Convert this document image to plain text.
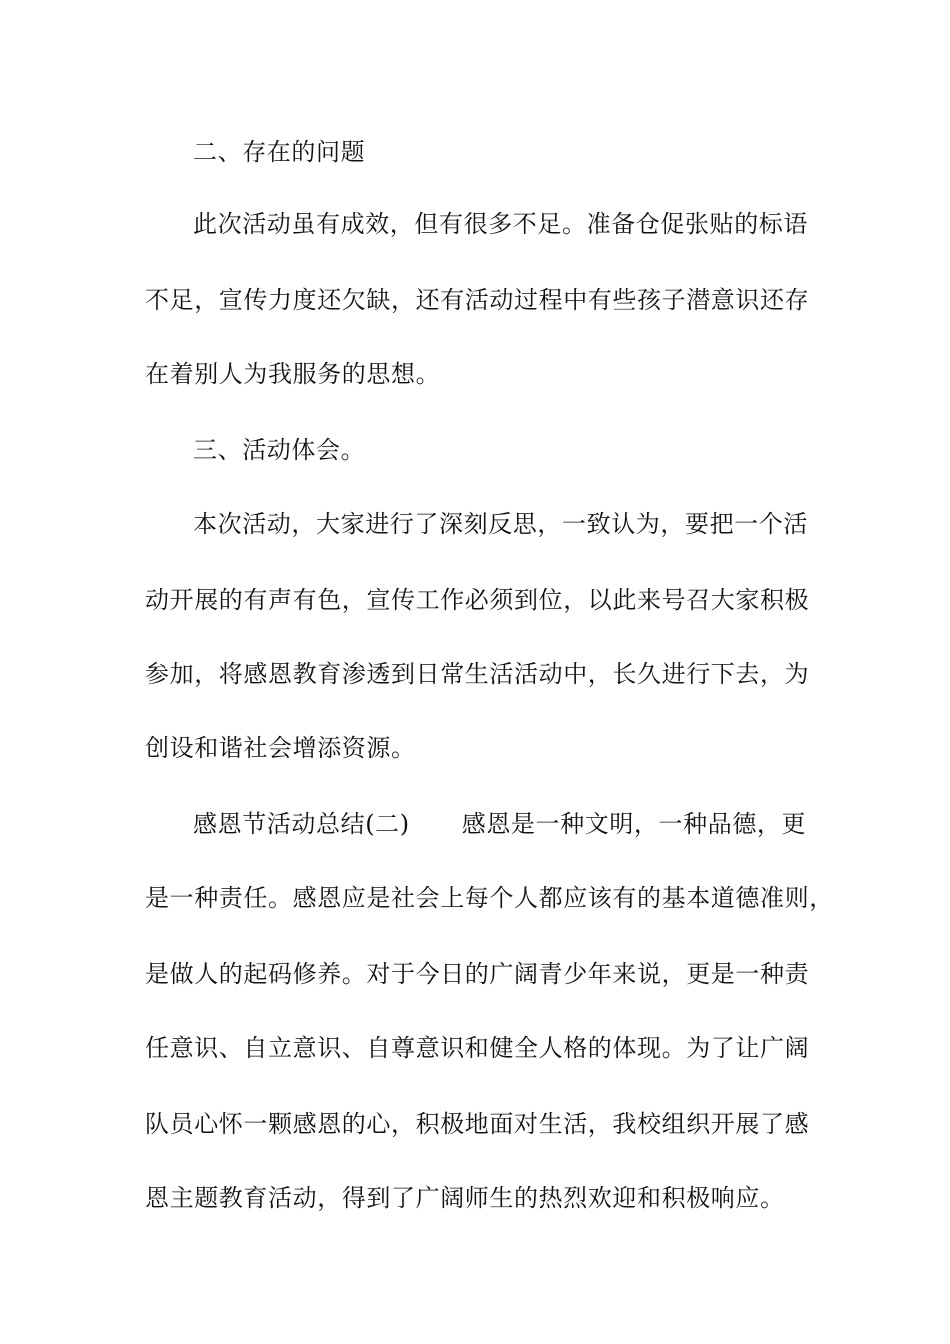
二、存在的问题
此次活动虽有成效，但有很多不足。准备仓促张贴的标语
不足，宣传力度还欠缺，还有活动过程中有些孩子潜意识还存
在着别人为我服务的思想。
三、活动体会。
本次活动，大家进行了深刻反思，一致认为，要把一个活
动开展的有声有色，宣传工作必须到位，以此来号召大家积极
参加，将感恩教育渗透到日常生活活动中，长久进行下去，为
创设和谐社会增添资源。
感恩节活动总结(二) 感恩是一种文明，一种品德，更
是一种责任。感恩应是社会上每个人都应该有的基本道德准则，
是做人的起码修养。对于今日的广阔青少年来说，更是一种责
任意识、自立意识、自尊意识和健全人格的体现。为了让广阔
队员心怀一颗感恩的心，积极地面对生活，我校组织开展了感
恩主题教育活动，得到了广阔师生的热烈欢迎和积极响应。
